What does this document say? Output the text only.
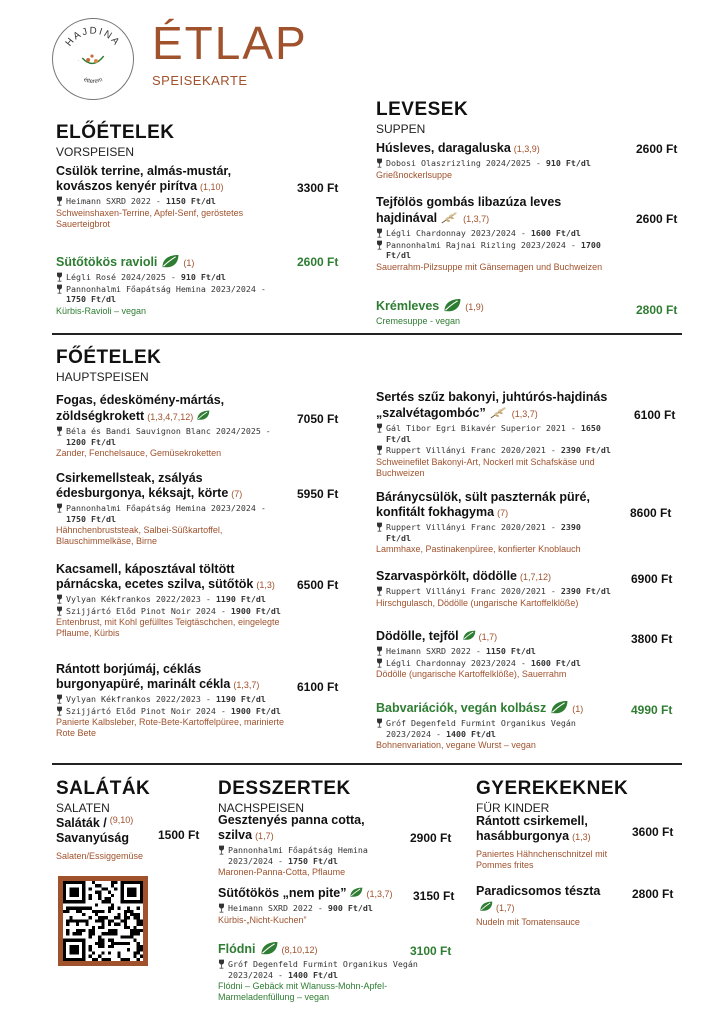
HAJDINA
étterem
· ÉTLAP
SPEISEKARTE
ELŐÉTELEK
VORSPEISEN
Csülök terrine, almás-mustár, kovászos kenyér pirítva (1,10)
Heimann SXRD 2022 - 1150 Ft/dl
Schweinshaxen-Terrine, Apfel-Senf, geröstetes Sauerteigbrot
3300 Ft
Sütőtökös ravioli	(1)
Légli Rosé 2024/2025 - 910 Ft/dl
Pannonhalmi Főapátság Hemina 2023/2024 - 1750 Ft/dl
Kürbis-Ravioli – vegan
2600 Ft
LEVESEK
SUPPEN
Húsleves, daragaluska (1,3,9)
Dobosi Olaszrizling 2024/2025 - 910 Ft/dl
Grießnockerlsuppe
2600 Ft
Tejfölös gombás libazúza leves hajdinával	(1,3,7)
Légli Chardonnay 2023/2024 - 1600 Ft/dl
Pannonhalmi Rajnai Rizling 2023/2024 - 1700 Ft/dl
Sauerrahm-Pilzsuppe mit Gänsemagen und Buchweizen
2600 Ft
Krémleves	(1,9)
Cremesuppe - vegan
2800 Ft
FŐÉTELEK
HAUPTSPEISEN
Fogas, édeskömény-mártás, zöldségkrokett (1,3,4,7,12)
Béla és Bandi Sauvignon Blanc 2024/2025 - 1200 Ft/dl
Zander, Fenchelsauce, Gemüsekroketten
7050 Ft
Csirkemellsteak, zsályás édesburgonya, kéksajt, körte (7)
Pannonhalmi Főapátság Hemina 2023/2024 - 1750 Ft/dl
Hähnchenbruststeak, Salbei-Süßkartoffel, Blauschimmelkäse, Birne
5950 Ft
Kacsamell, káposztával töltött párnácska, ecetes szilva, sütőtök (1,3)
Vylyan Kékfrankos 2022/2023 - 1190 Ft/dl
Szijjártó Előd Pinot Noir 2024 - 1900 Ft/dl
Entenbrust, mit Kohl gefülltes Teigtäschchen, eingelegte Pflaume, Kürbis
6500 Ft
Rántott borjúmáj, céklás burgonyapüré, marinált cékla (1,3,7)
Vylyan Kékfrankos 2022/2023 - 1190 Ft/dl
Szijjártó Előd Pinot Noir 2024 - 1900 Ft/dl
Panierte Kalbsleber, Rote-Bete-Kartoffelpüree, marinierte Rote Bete
6100 Ft
Sertés szűz bakonyi, juhtúrós-hajdinás „szalvétagombóc”	(1,3,7)
Gál Tibor Egri Bikavér Superior 2021 - 1650 Ft/dl
Ruppert Villányi Franc 2020/2021 - 2390 Ft/dl
Schweinefilet Bakonyi-Art, Nockerl mit Schafskäse und Buchweizen
6100 Ft
Báránycsülök, sült paszternák püré, konfitált fokhagyma (7)
Ruppert Villányi Franc 2020/2021 - 2390 Ft/dl
Lammhaxe, Pastinakenpüree, konfierter Knoblauch
8600 Ft
Szarvaspörkölt, dödölle (1,7,12)
Ruppert Villányi Franc 2020/2021 - 2390 Ft/dl
Hirschgulasch, Dödölle (ungarische Kartoffelklöße)
6900 Ft
Dödölle, tejföl (1,7)
Heimann SXRD 2022 - 1150 Ft/dl
Légli Chardonnay 2023/2024 - 1600 Ft/dl
Dödölle (ungarische Kartoffelklöße), Sauerrahm
3800 Ft
Babvariációk, vegán kolbász	(1)
Gróf Degenfeld Furmint Organikus Vegán 2023/2024 - 1400 Ft/dl
Bohnenvariation, vegane Wurst – vegan
4990 Ft
SALÁTÁK
SALATEN
Saláták / $^{(9,10)}$
Savanyúság
Salaten/Essiggemüse
1500 Ft
DESSZERTEK
NACHSPEISEN
Gesztenyés panna cotta, szilva (1,7)
Pannonhalmi Főapátság Hemina 2023/2024 - 1750 Ft/dl
Maronen-Panna-Cotta, Pflaume
2900 Ft
Sütőtökös „nem pite” (1,3,7)
Heimann SXRD 2022 - 900 Ft/dl
Kürbis-„Nicht-Kuchen”
3150 Ft
Flódni	(8,10,12)
Gróf Degenfeld Furmint Organikus Vegán 2023/2024 - 1400 Ft/dl
Flódni – Gebäck mit Wlanuss-Mohn-Apfel-Marmeladenfüllung – vegan
3100 Ft
GYEREKEKNEK
FÜR KINDER
Rántott csirkemell, hasábburgonya (1,3)
Paniertes Hähnchenschnitzel mit Pommes frites
3600 Ft
Paradicsomos tészta(1,7)
Nudeln mit Tomatensauce
2800 Ft
